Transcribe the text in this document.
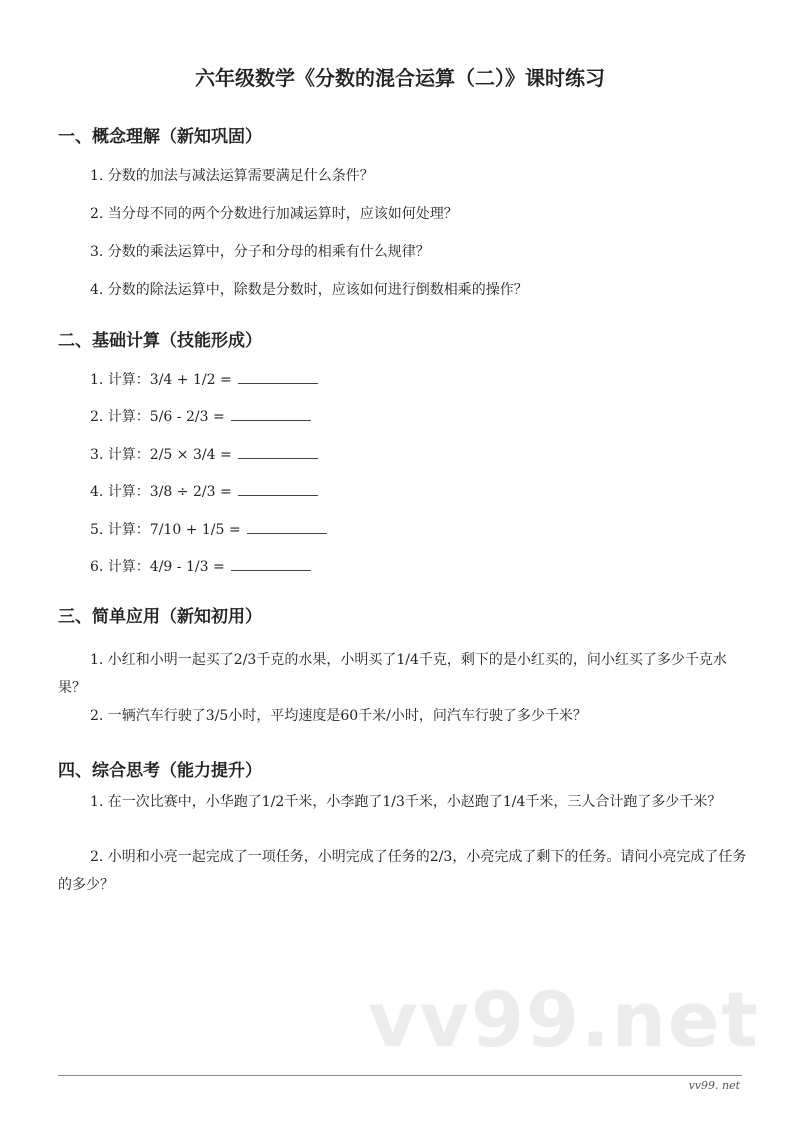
六年级数学《分数的混合运算（二）》课时练习
一、概念理解（新知巩固）
1. 分数的加法与减法运算需要满足什么条件？
2. 当分母不同的两个分数进行加减运算时，应该如何处理？
3. 分数的乘法运算中，分子和分母的相乘有什么规律？
4. 分数的除法运算中，除数是分数时，应该如何进行倒数相乘的操作？
二、基础计算（技能形成）
1. 计算：3/4 + 1/2 =
2. 计算：5/6 - 2/3 =
3. 计算：2/5 × 3/4 =
4. 计算：3/8 ÷ 2/3 =
5. 计算：7/10 + 1/5 =
6. 计算：4/9 - 1/3 =
三、简单应用（新知初用）
1. 小红和小明一起买了2/3千克的水果，小明买了1/4千克，剩下的是小红买的，问小红买了多少千克水果？
2. 一辆汽车行驶了3/5小时，平均速度是60千米/小时，问汽车行驶了多少千米？
四、综合思考（能力提升）
1. 在一次比赛中，小华跑了1/2千米，小李跑了1/3千米，小赵跑了1/4千米，三人合计跑了多少千米？
2. 小明和小亮一起完成了一项任务，小明完成了任务的2/3，小亮完成了剩下的任务。请问小亮完成了任务的多少？
vv99.net
vv99. net
